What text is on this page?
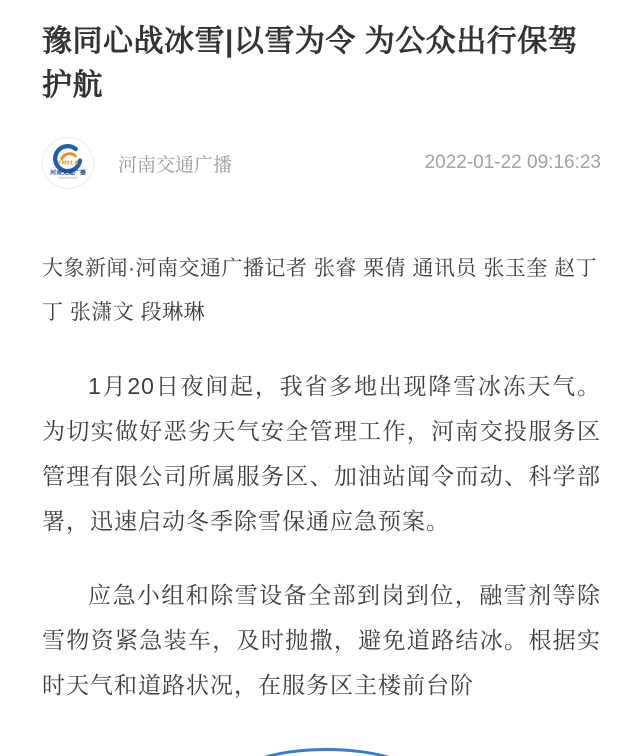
豫同心战冰雪|以雪为令 为公众出行保驾护航
FM91.8
河南交通广播 河南交通广播	2022-01-22 09:16:23

大象新闻·河南交通广播记者 张睿 栗倩 通讯员 张玉奎 赵丁丁 张潇文 段琳琳

1月20日夜间起，我省多地出现降雪冰冻天气。为切实做好恶劣天气安全管理工作，河南交投服务区管理有限公司所属服务区、加油站闻令而动、科学部署，迅速启动冬季除雪保通应急预案。

应急小组和除雪设备全部到岗到位，融雪剂等除雪物资紧急装车，及时抛撒，避免道路结冰。根据实时天气和道路状况，在服务区主楼前台阶
